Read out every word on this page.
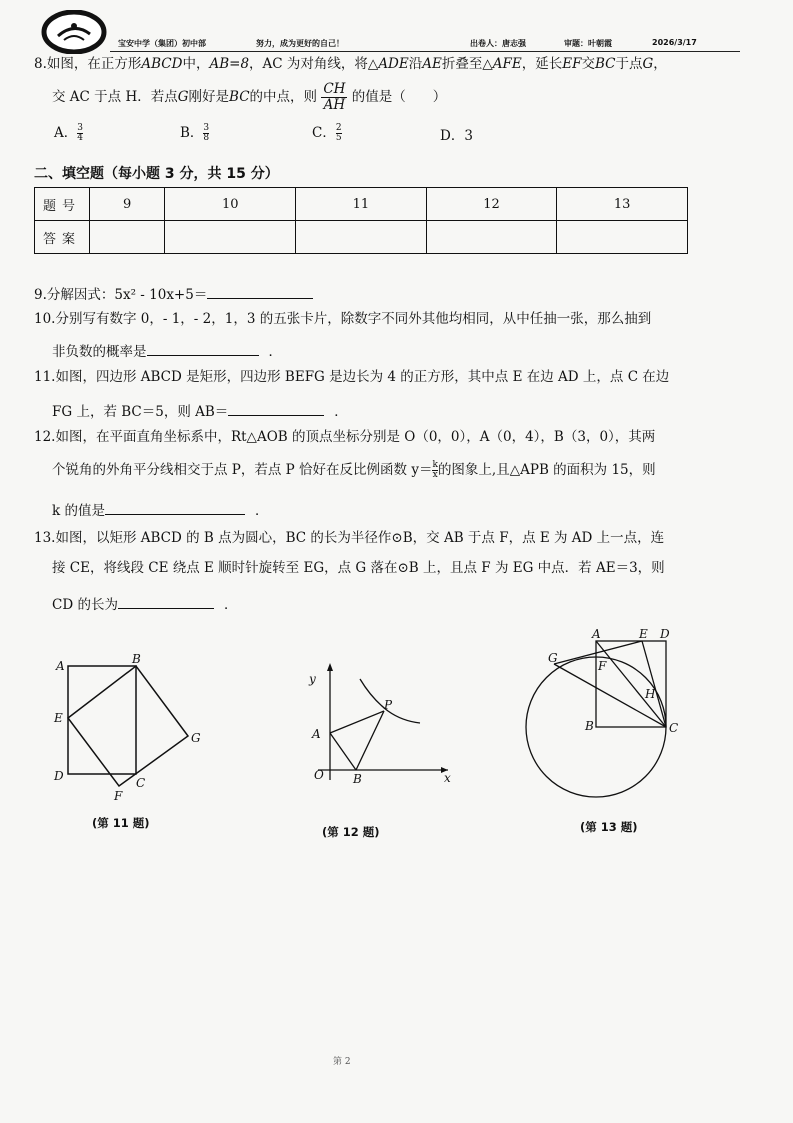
宝安中学（集团）初中部	努力，成为更好的自己！	出卷人：唐志强	审题：叶朝霞	2026/3/17
8.如图，在正方形ABCD中，AB=8，AC 为对角线，将△ADE沿AE折叠至△AFE，延长EF交BC于点G，
交 AC 于点 H．若点G刚好是BC的中点，则 $\frac{CH}{AH}$ 的值是（　　）
A． $\frac{3}{4}$	B． $\frac{3}{8}$	C． $\frac{2}{5}$	D．3
二、填空题（每小题 3 分，共 15 分）
题号	9	10	11	12	13
答案					
9.分解因式：5x² - 10x+5＝
10.分别写有数字 0，- 1，- 2，1，3 的五张卡片，除数字不同外其他均相同，从中任抽一张，那么抽到
非负数的概率是	．
11.如图，四边形 ABCD 是矩形，四边形 BEFG 是边长为 4 的正方形，其中点 E 在边 AD 上，点 C 在边
FG 上，若 BC＝5，则 AB＝	．
12.如图，在平面直角坐标系中，Rt△AOB 的顶点坐标分别是 O（0，0），A（0，4），B（3，0），其两
个锐角的外角平分线相交于点 P，若点 P 恰好在反比例函数 $y= \frac{k}{x}$ 的图象上,且△APB 的面积为 15，则
k 的值是	．
13.如图，以矩形 ABCD 的 B 点为圆心，BC 的长为半径作⊙B，交 AB 于点 F，点 E 为 AD 上一点，连
接 CE，将线段 CE 绕点 E 顺时针旋转至 EG，点 G 落在⊙B 上，且点 F 为 EG 中点．若 AE＝3，则
CD 的长为	．
A	B
C
D
E
F
G
(第 11 题)
y
x
O
A
B
P
(第 12 题)
A	E D
G
F
H
B	C
(第 13 题)
第 2
